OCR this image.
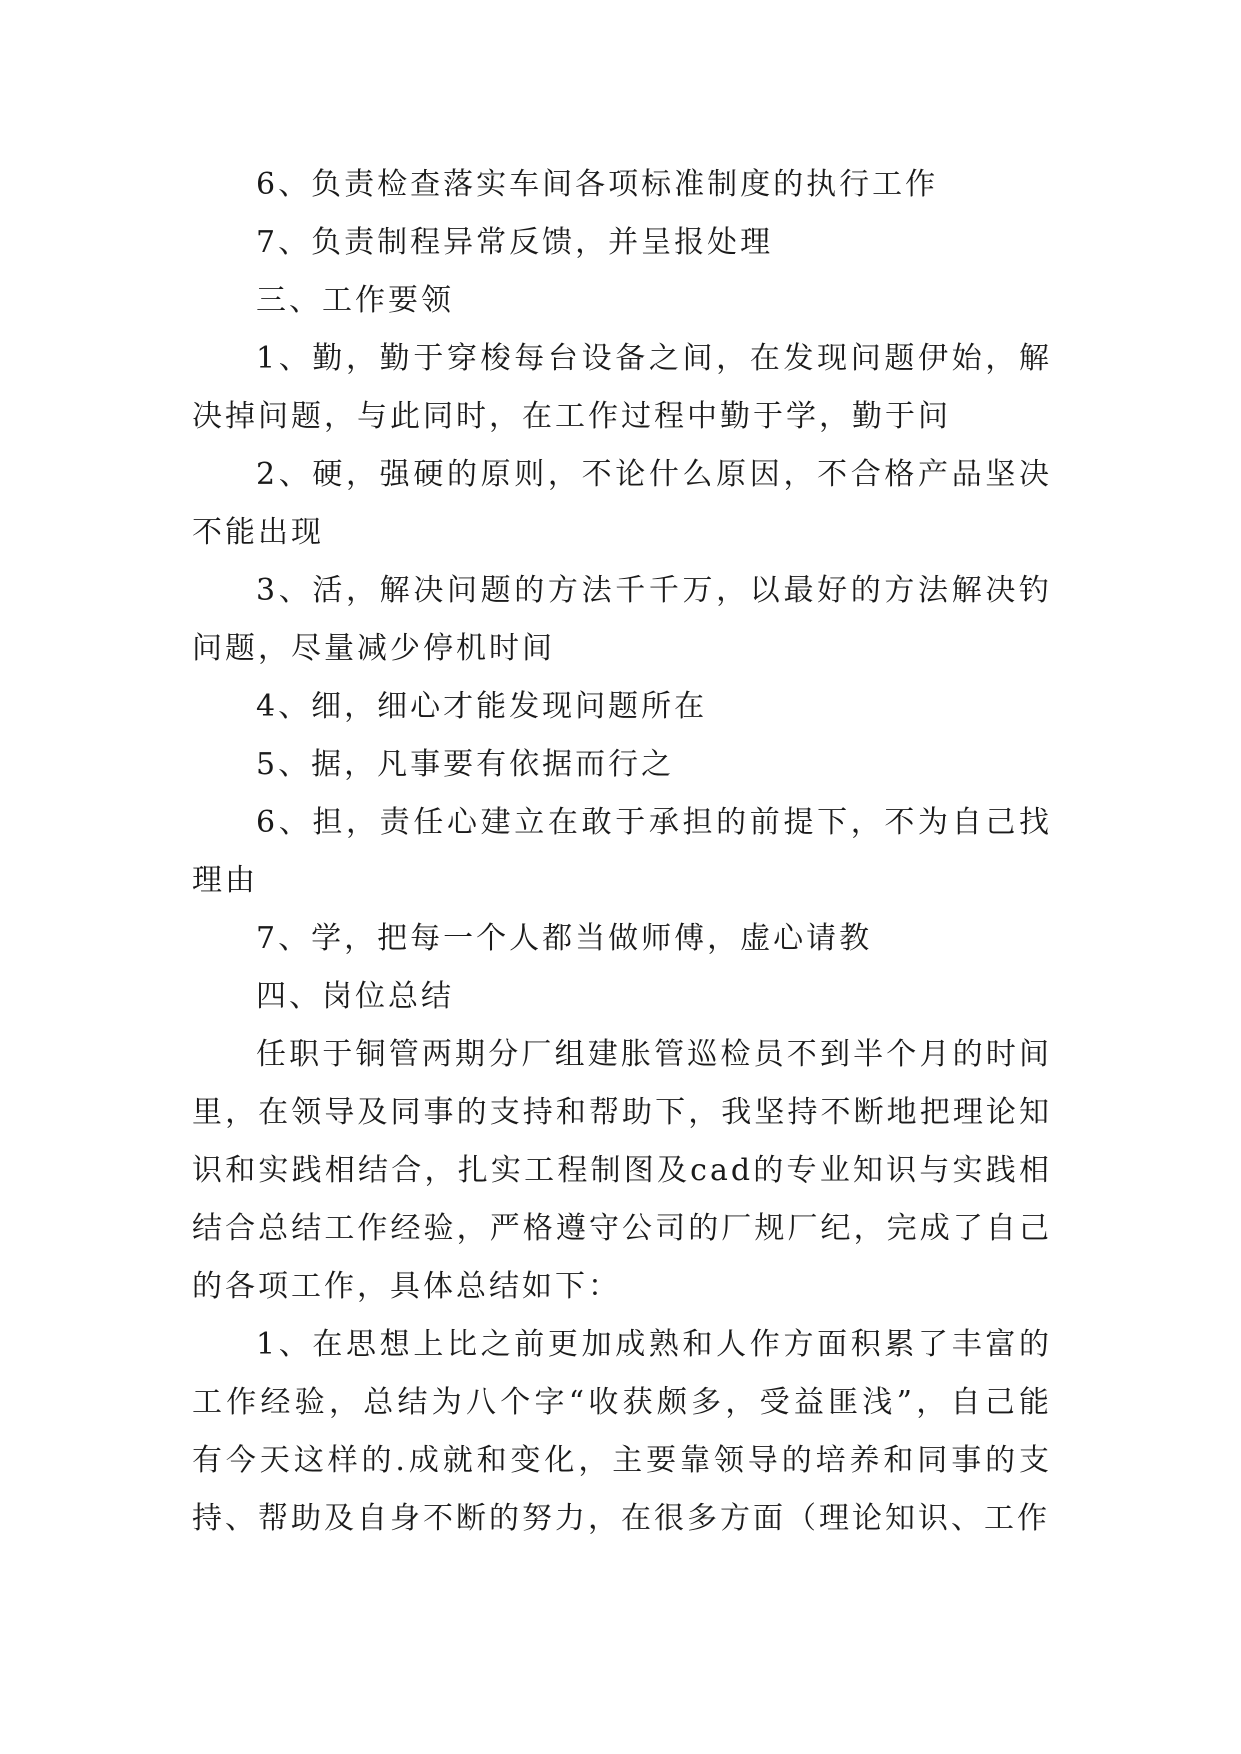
6、负责检查落实车间各项标准制度的执行工作

7、负责制程异常反馈，并呈报处理

三、工作要领

1、勤，勤于穿梭每台设备之间，在发现问题伊始，解决掉问题，与此同时，在工作过程中勤于学，勤于问

2、硬，强硬的原则，不论什么原因，不合格产品坚决不能出现

3、活，解决问题的方法千千万，以最好的方法解决钓问题，尽量减少停机时间

4、细，细心才能发现问题所在

5、据，凡事要有依据而行之

6、担，责任心建立在敢于承担的前提下，不为自己找理由

7、学，把每一个人都当做师傅，虚心请教

四、岗位总结

任职于铜管两期分厂组建胀管巡检员不到半个月的时间里，在领导及同事的支持和帮助下，我坚持不断地把理论知识和实践相结合，扎实工程制图及cad的专业知识与实践相结合总结工作经验，严格遵守公司的厂规厂纪，完成了自己的各项工作，具体总结如下：

1、在思想上比之前更加成熟和人作方面积累了丰富的工作经验，总结为八个字“收获颇多，受益匪浅”，自己能有今天这样的.成就和变化，主要靠领导的培养和同事的支持、帮助及自身不断的努力，在很多方面（理论知识、工作
